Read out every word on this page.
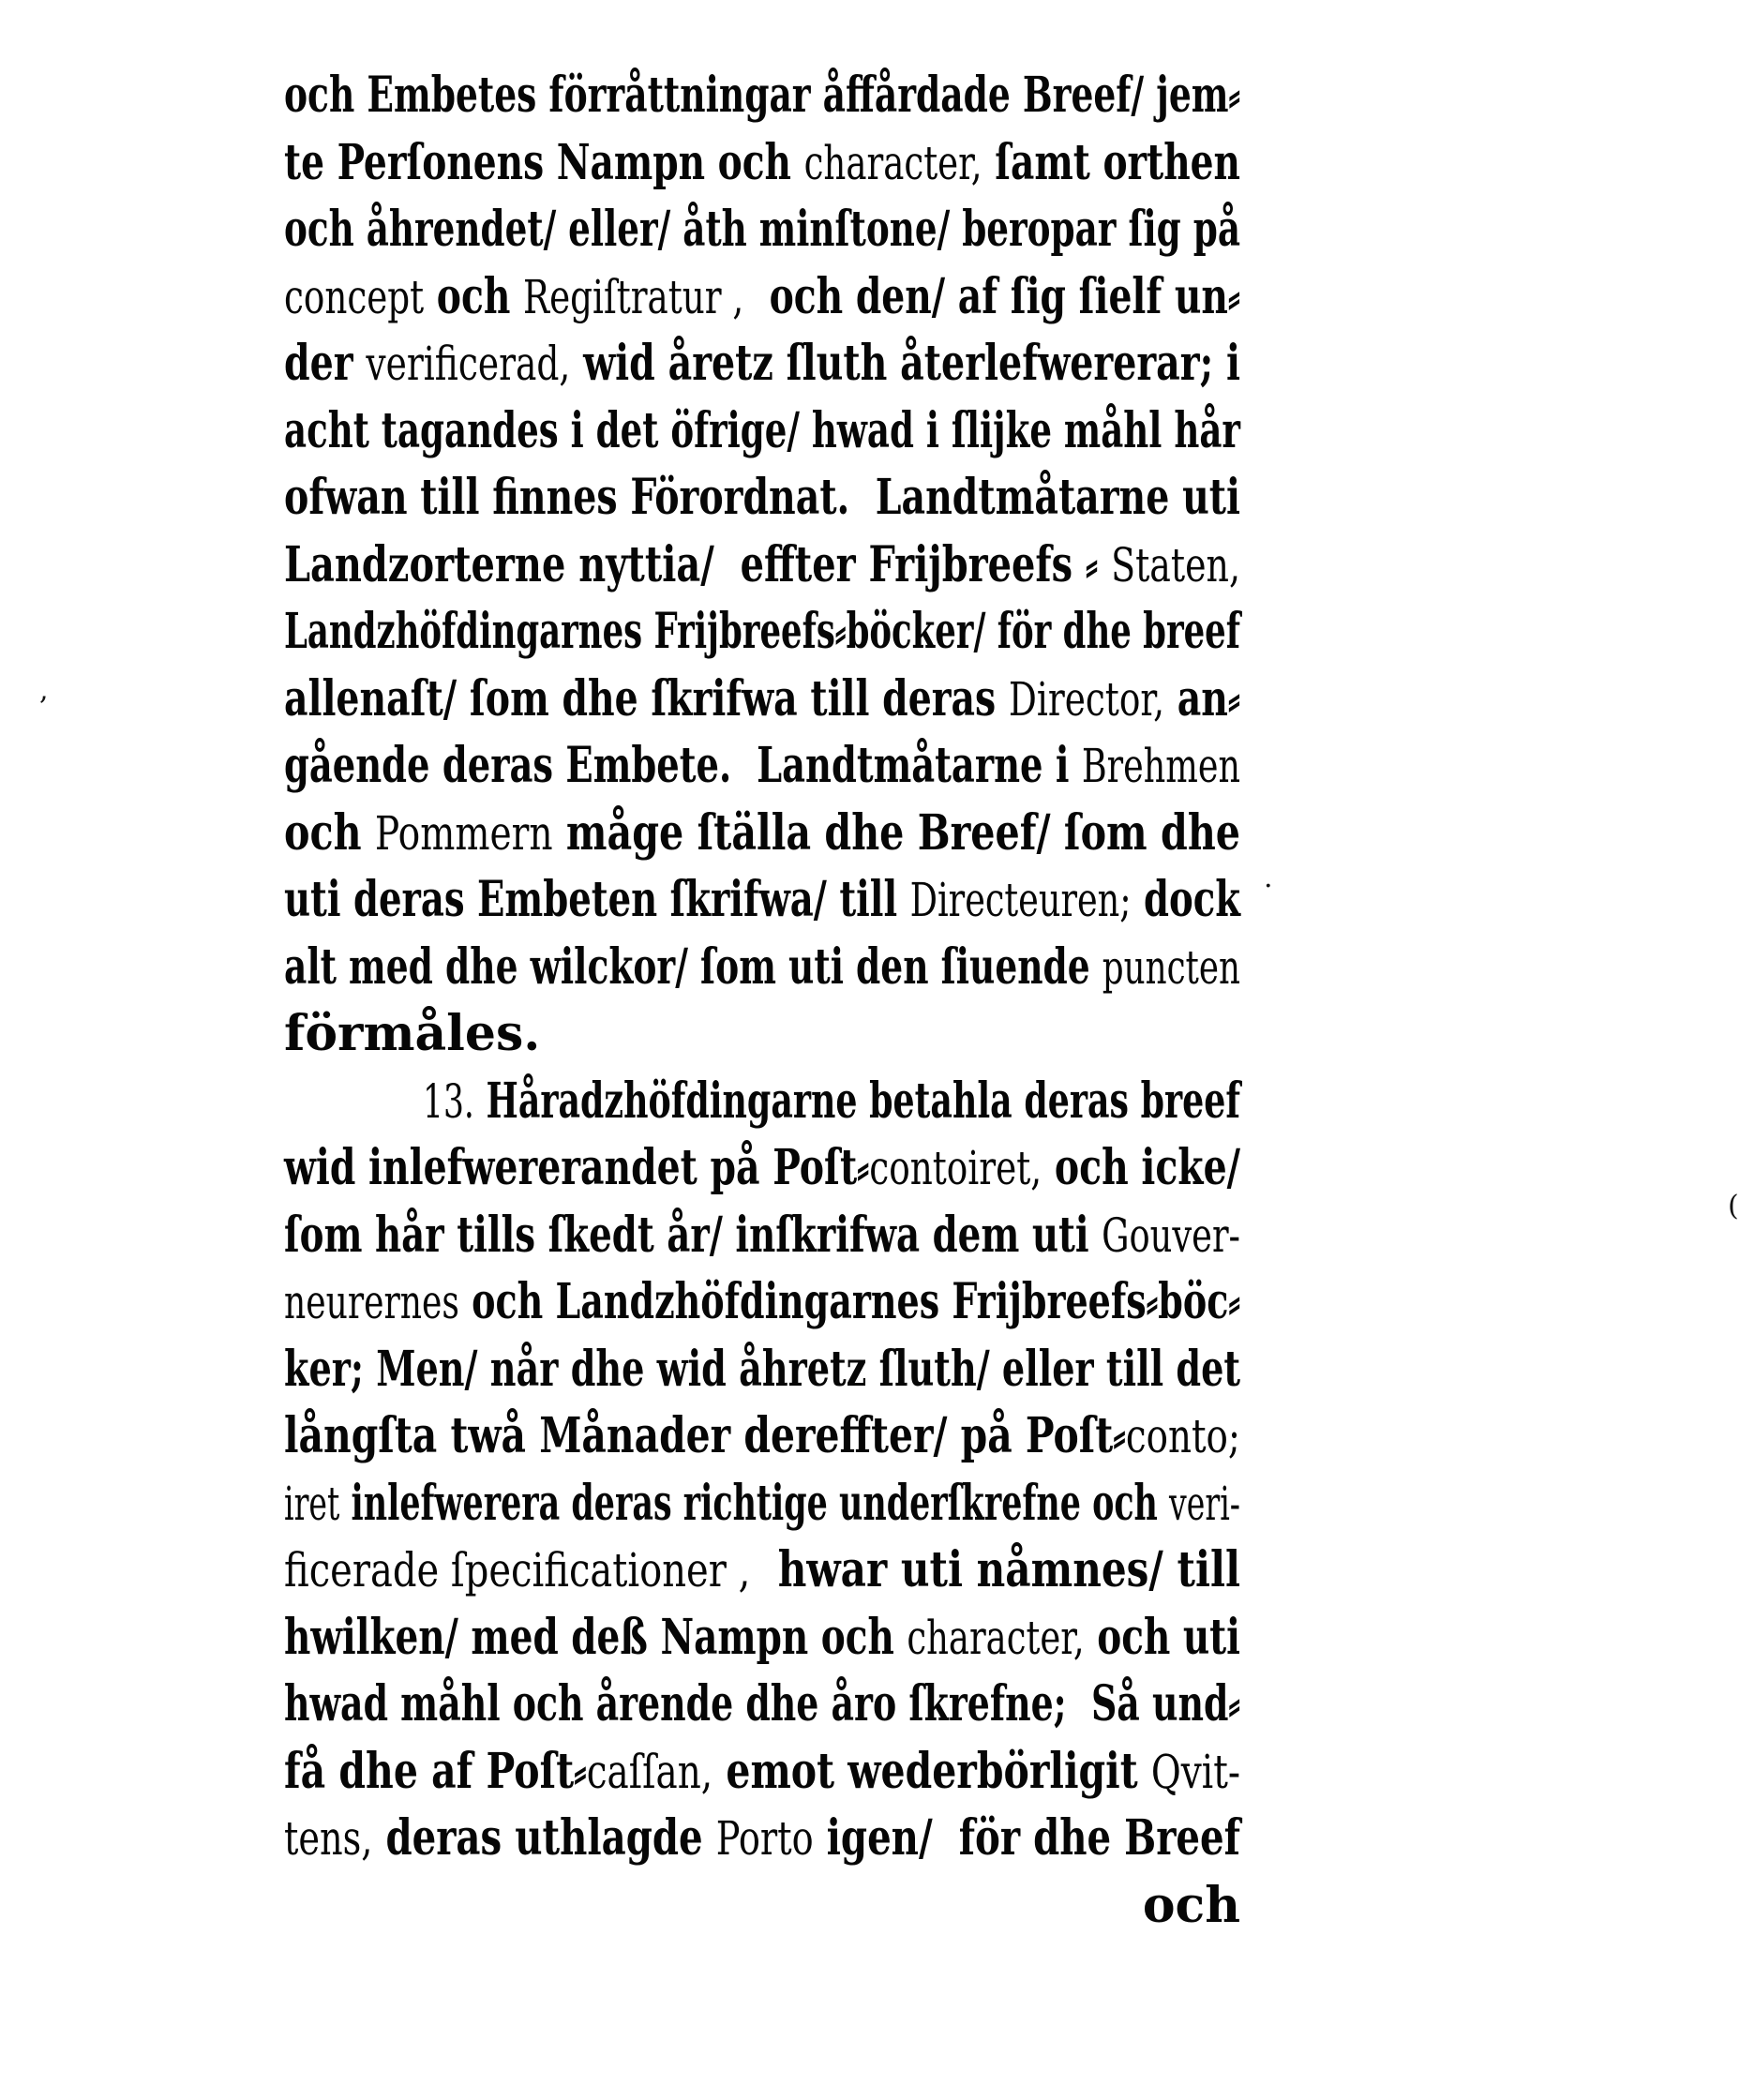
och Embetes förråttningar åffårdade Breef/ jem⸗
te Perſonens Nampn och character, ſamt orthen
och åhrendet/ eller/ åth minſtone/ beropar ſig på
concept och Regiſtratur ,  och den/ af ſig ſielf un⸗
der verificerad, wid åretz ſluth återlefwererar; i
acht tagandes i det öfrige/ hwad i ſlijke måhl hår
ofwan till finnes Förordnat.  Landtmåtarne uti
Landzorterne nyttia/  effter Frijbreefs ⸗ Staten,
Landzhöfdingarnes Frijbreefs⸗böcker/ för dhe breef
allenaſt/ ſom dhe ſkrifwa till deras Director, an⸗
gående deras Embete.  Landtmåtarne i Brehmen
och Pommern måge ſtälla dhe Breef/ ſom dhe
uti deras Embeten ſkrifwa/ till Directeuren; dock
alt med dhe wilckor/ ſom uti den ſiuende puncten
förmåles.
13. Håradzhöfdingarne betahla deras breef
wid inlefwererandet på Poſt⸗contoiret, och icke/
ſom hår tills ſkedt år/ inſkrifwa dem uti Gouver-
neurernes och Landzhöfdingarnes Frijbreefs⸗böc⸗
ker; Men/ når dhe wid åhretz ſluth/ eller till det
långſta twå Månader dereffter/ på Poſt⸗conto;
iret inlefwerera deras richtige underſkrefne och veri-
ficerade ſpecificationer ,  hwar uti nåmnes/ till
hwilken/ med deß Nampn och character, och uti
hwad måhl och årende dhe åro ſkrefne;  Så und⸗
få dhe af Poſt⸗caſſan, emot wederbörligit Qvit-
tens, deras uthlagde Porto igen/  för dhe Breef
och
,
.
(
